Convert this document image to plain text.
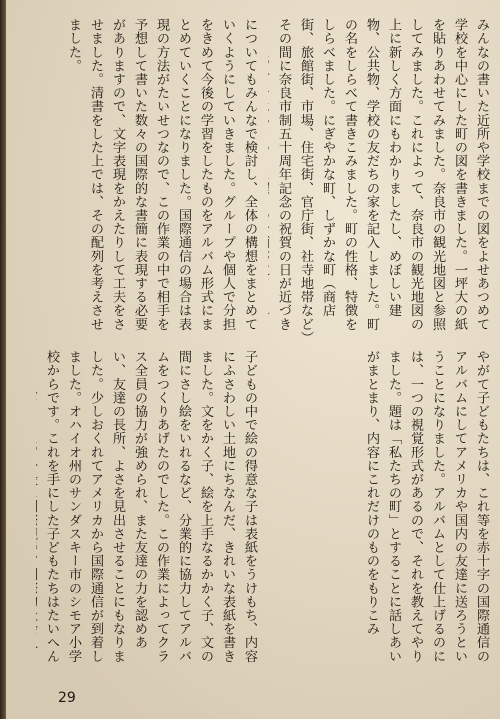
みんなの書いた近所や学校までの図をよせあつめて学校を中心にした町の図を書きました。一坪大の紙を貼りあわせてみました。奈良市の観光地図と参照してみました。これによって、奈良市の観光地図の上に新しく方面にもわかりましたし、めぼしい建物、公共物、学校の友だちの家を記入しました。町の名をしらべて書きこみました。町の性格、特徴をしらべました。にぎやかな町、しずかな町（商店街、旅館街、市場、住宅街、官庁街、社寺地帯など）その間に奈良市制五十周年記念の祝賀の日が近づき
についてもみんなで検討し、全体の構想をまとめていくようにしていきました。グループや個人で分担をきめて今後の学習をしたものをアルバム形式にまとめていくことになりました。国際通信の場合は表現の方法がたいせつなので、この作業の中で相手を予想して書いた数々の国際的な書簡に表現する必要がありますので、文字表現をかえたりして工夫をさせました。清書をした上では、その配列を考えさせました。
やがて子どもたちは、これ等を赤十字の国際通信のアルバムにしてアメリカや国内の友達に送ろうということになりました。アルバムとして仕上げるのには、一つの視覚形式があるので、それを教えてやりました。題は「私たちの町」とすることに話しあいがまとまり、内容にこれだけのものをもりこみ
子どもの中で絵の得意な子は表紙をうけもち、内容にふさわしい土地にちなんだ、きれいな表紙を書きました。文をかく子、絵を上手なるかかく子、文の間にさし絵をいれるなど、分業的に協力してアルバムをつくりあげたのでした。この作業によってクラス全員の協力が強められ、また友達の力を認めあい、友達の長所、よさを見出させることにもなりました。少しおくれてアメリカから国際通信が到着しました。オハイオ州のサンダスキー市のシモア小学校からです。これを手にした子どもたちはたいへん
29
